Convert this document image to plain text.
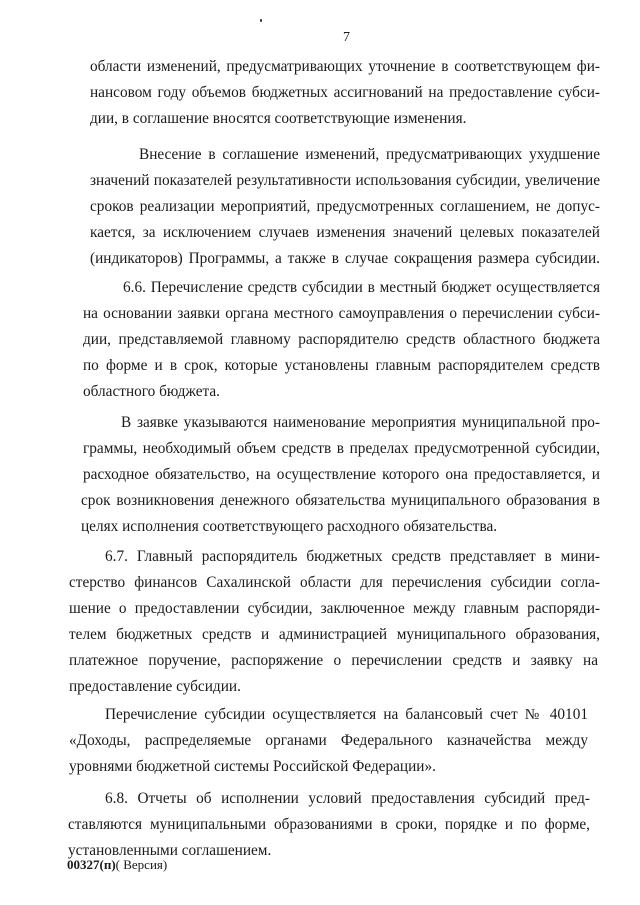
7
области изменений, предусматривающих уточнение в соответствующем фи-
нансовом году объемов бюджетных ассигнований на предоставление субси-
дии, в соглашение вносятся соответствующие изменения.
Внесение в соглашение изменений, предусматривающих ухудшение
значений показателей результативности использования субсидии, увеличение
сроков реализации мероприятий, предусмотренных соглашением, не допус-
кается, за исключением случаев изменения значений целевых показателей
(индикаторов) Программы, а также в случае сокращения размера субсидии.
6.6. Перечисление средств субсидии в местный бюджет осуществляется
на основании заявки органа местного самоуправления о перечислении субси-
дии, представляемой главному распорядителю средств областного бюджета
по форме и в срок, которые установлены главным распорядителем средств
областного бюджета.
В заявке указываются наименование мероприятия муниципальной про-
граммы, необходимый объем средств в пределах предусмотренной субсидии,
расходное обязательство, на осуществление которого она предоставляется, и
срок возникновения денежного обязательства муниципального образования в
целях исполнения соответствующего расходного обязательства.
6.7. Главный распорядитель бюджетных средств представляет в мини-
стерство финансов Сахалинской области для перечисления субсидии согла-
шение о предоставлении субсидии, заключенное между главным распоряди-
телем бюджетных средств и администрацией муниципального образования,
платежное поручение, распоряжение о перечислении средств и заявку на
предоставление субсидии.
Перечисление субсидии осуществляется на балансовый счет № 40101
«Доходы, распределяемые органами Федерального казначейства между
уровнями бюджетной системы Российской Федерации».
6.8. Отчеты об исполнении условий предоставления субсидий пред-
ставляются муниципальными образованиями в сроки, порядке и по форме,
установленными соглашением.
00327(п)( Версия)
